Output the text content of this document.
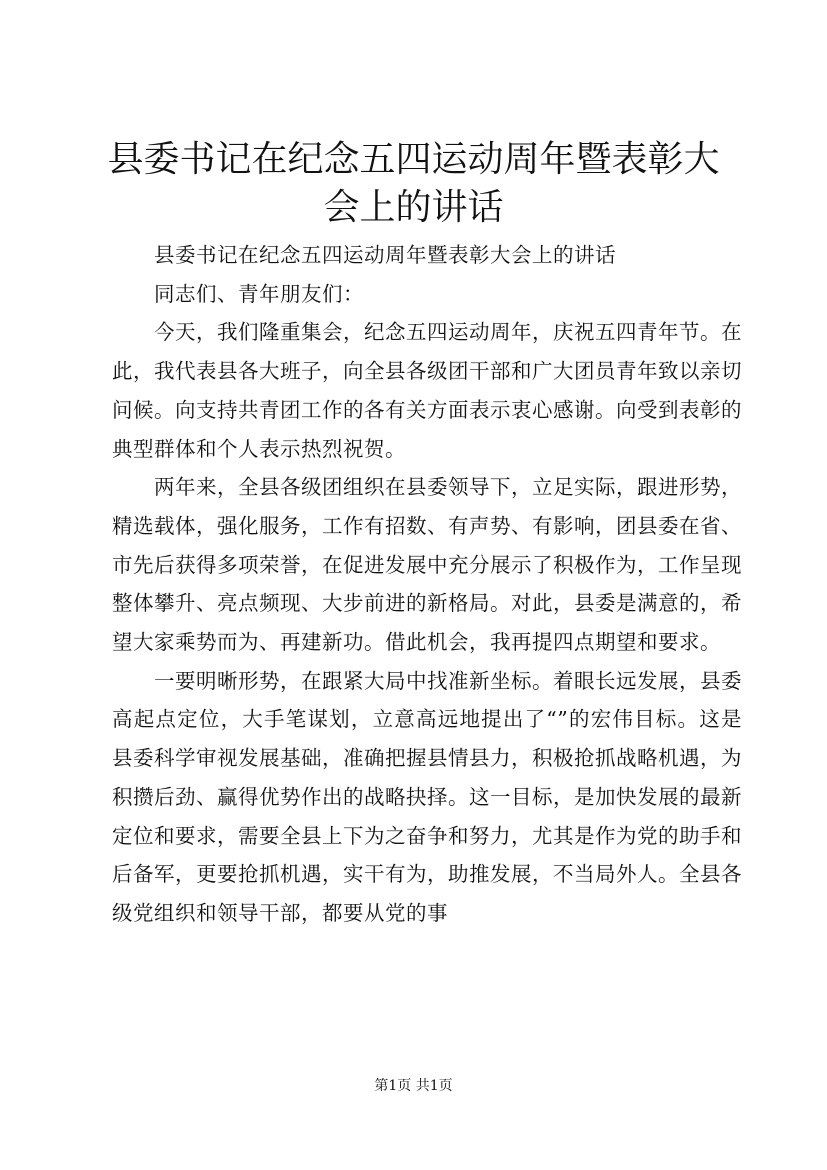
县委书记在纪念五四运动周年暨表彰大会上的讲话

县委书记在纪念五四运动周年暨表彰大会上的讲话

同志们、青年朋友们：

今天，我们隆重集会，纪念五四运动周年，庆祝五四青年节。在此，我代表县各大班子，向全县各级团干部和广大团员青年致以亲切问候。向支持共青团工作的各有关方面表示衷心感谢。向受到表彰的典型群体和个人表示热烈祝贺。

两年来，全县各级团组织在县委领导下，立足实际，跟进形势，精选载体，强化服务，工作有招数、有声势、有影响，团县委在省、市先后获得多项荣誉，在促进发展中充分展示了积极作为，工作呈现整体攀升、亮点频现、大步前进的新格局。对此，县委是满意的，希望大家乘势而为、再建新功。借此机会，我再提四点期望和要求。

一要明晰形势，在跟紧大局中找准新坐标。着眼长远发展，县委高起点定位，大手笔谋划，立意高远地提出了“”的宏伟目标。这是县委科学审视发展基础，准确把握县情县力，积极抢抓战略机遇，为积攒后劲、赢得优势作出的战略抉择。这一目标，是加快发展的最新定位和要求，需要全县上下为之奋争和努力，尤其是作为党的助手和后备军，更要抢抓机遇，实干有为，助推发展，不当局外人。全县各级党组织和领导干部，都要从党的事

第1页 共1页
